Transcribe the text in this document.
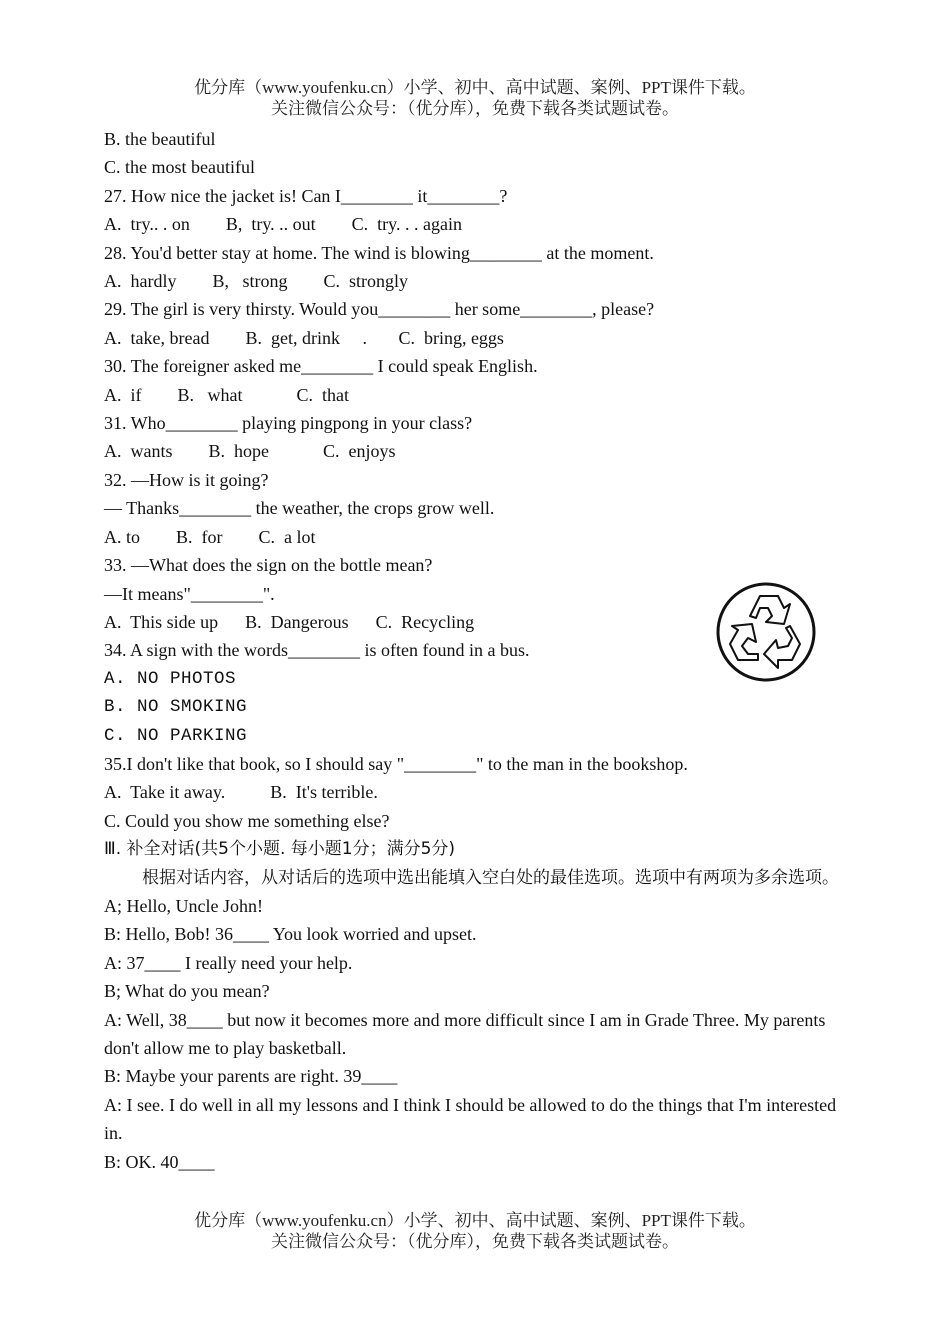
优分库（www.youfenku.cn）小学、初中、高中试题、案例、PPT课件下载。
关注微信公众号：（优分库），免费下载各类试题试卷。
B. the beautiful
C. the most beautiful
27. How nice the jacket is! Can I________ it________?
A.  try.. . on        B,  try. .. out        C.  try. . . again
28. You'd better stay at home. The wind is blowing________ at the moment.
A.  hardly        B,   strong        C.  strongly
29. The girl is very thirsty. Would you________ her some________, please?
A.  take, bread        B.  get, drink     .       C.  bring, eggs
30. The foreigner asked me________ I could speak English.
A.  if        B.   what            C.  that
31. Who________ playing pingpong in your class?
A.  wants        B.  hope            C.  enjoys
32. —How is it going?
— Thanks________ the weather, the crops grow well.
A. to        B.  for        C.  a lot
33. —What does the sign on the bottle mean?
—It means"________".
A.  This side up      B.  Dangerous      C.  Recycling
34. A sign with the words________ is often found in a bus.
A. NO PHOTOS
B. NO SMOKING
C. NO PARKING
35.I don't like that book, so I should say "________" to the man in the bookshop.
A.  Take it away.          B.  It's terrible.
C. Could you show me something else?
Ⅲ. 补全对话(共5个小题. 每小题1分；满分5分)
根据对话内容，从对话后的选项中选出能填入空白处的最佳选项。选项中有两项为多余选项。
A; Hello, Uncle John!
B: Hello, Bob! 36____ You look worried and upset.
A: 37____ I really need your help.
B; What do you mean?
A: Well, 38____ but now it becomes more and more difficult since I am in Grade Three. My parents don't allow me to play basketball.
B: Maybe your parents are right. 39____
A: I see. I do well in all my lessons and I think I should be allowed to do the things that I'm interested in.
B: OK. 40____
优分库（www.youfenku.cn）小学、初中、高中试题、案例、PPT课件下载。
关注微信公众号：（优分库），免费下载各类试题试卷。
